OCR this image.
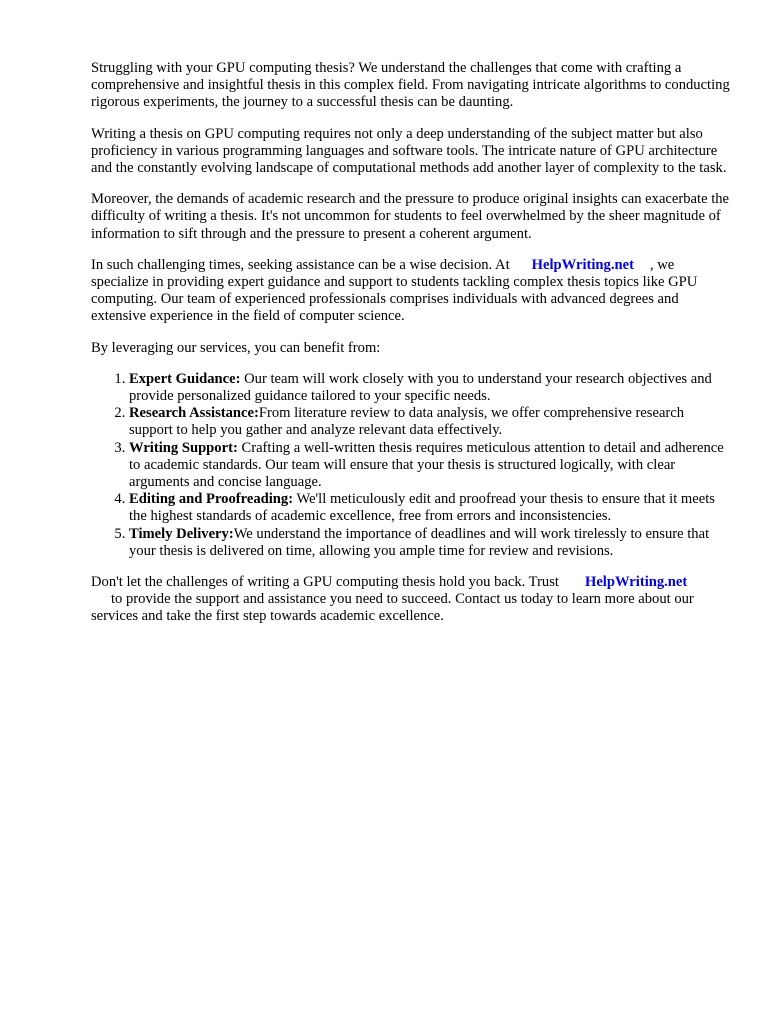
Struggling with your GPU computing thesis? We understand the challenges that come with crafting a comprehensive and insightful thesis in this complex field. From navigating intricate algorithms to conducting rigorous experiments, the journey to a successful thesis can be daunting.

Writing a thesis on GPU computing requires not only a deep understanding of the subject matter but also proficiency in various programming languages and software tools. The intricate nature of GPU architecture and the constantly evolving landscape of computational methods add another layer of complexity to the task.

Moreover, the demands of academic research and the pressure to produce original insights can exacerbate the difficulty of writing a thesis. It's not uncommon for students to feel overwhelmed by the sheer magnitude of information to sift through and the pressure to present a coherent argument.

In such challenging times, seeking assistance can be a wise decision. At HelpWriting.net , we specialize in providing expert guidance and support to students tackling complex thesis topics like GPU computing. Our team of experienced professionals comprises individuals with advanced degrees and extensive experience in the field of computer science.

By leveraging our services, you can benefit from:

1. Expert Guidance: Our team will work closely with you to understand your research objectives and provide personalized guidance tailored to your specific needs.
2. Research Assistance:From literature review to data analysis, we offer comprehensive research support to help you gather and analyze relevant data effectively.
3. Writing Support: Crafting a well-written thesis requires meticulous attention to detail and adherence to academic standards. Our team will ensure that your thesis is structured logically, with clear arguments and concise language.
4. Editing and Proofreading: We'll meticulously edit and proofread your thesis to ensure that it meets the highest standards of academic excellence, free from errors and inconsistencies.
5. Timely Delivery:We understand the importance of deadlines and will work tirelessly to ensure that your thesis is delivered on time, allowing you ample time for review and revisions.

Don't let the challenges of writing a GPU computing thesis hold you back. Trust HelpWriting.net
to provide the support and assistance you need to succeed. Contact us today to learn more about our services and take the first step towards academic excellence.
